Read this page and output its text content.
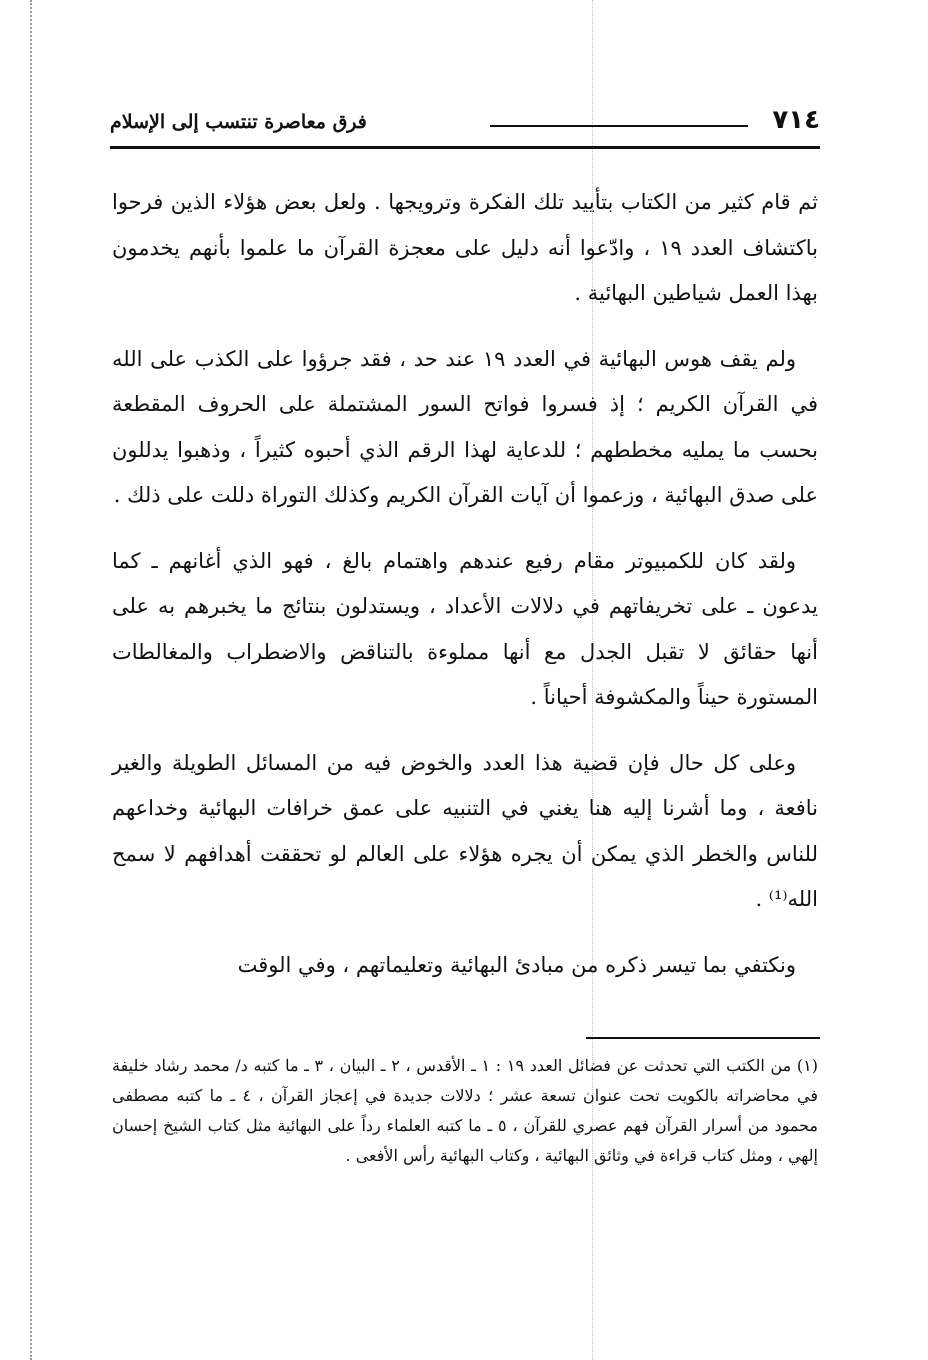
٧١٤
فرق معاصرة تنتسب إلى الإسلام

ثم قام كثير من الكتاب بتأييد تلك الفكرة وترويجها . ولعل بعض هؤلاء الذين فرحوا باكتشاف العدد ١٩ ، وادّعوا أنه دليل على معجزة القرآن ما علموا بأنهم يخدمون بهذا العمل شياطين البهائية .

ولم يقف هوس البهائية في العدد ١٩ عند حد ، فقد جرؤوا على الكذب على الله في القرآن الكريم ؛ إذ فسروا فواتح السور المشتملة على الحروف المقطعة بحسب ما يمليه مخططهم ؛ للدعاية لهذا الرقم الذي أحبوه كثيراً ، وذهبوا يدللون على صدق البهائية ، وزعموا أن آيات القرآن الكريم وكذلك التوراة دللت على ذلك .

ولقد كان للكمبيوتر مقام رفيع عندهم واهتمام بالغ ، فهو الذي أغانهم ـ كما يدعون ـ على تخريفاتهم في دلالات الأعداد ، ويستدلون بنتائج ما يخبرهم به على أنها حقائق لا تقبل الجدل مع أنها مملوءة بالتناقض والاضطراب والمغالطات المستورة حيناً والمكشوفة أحياناً .

وعلى كل حال فإن قضية هذا العدد والخوض فيه من المسائل الطويلة والغير نافعة ، وما أشرنا إليه هنا يغني في التنبيه على عمق خرافات البهائية وخداعهم للناس والخطر الذي يمكن أن يجره هؤلاء على العالم لو تحققت أهدافهم لا سمح الله⁽¹⁾ .

ونكتفي بما تيسر ذكره من مبادئ البهائية وتعليماتهم ، وفي الوقت

(١) من الكتب التي تحدثت عن فضائل العدد ١٩ : ١ ـ الأقدس ، ٢ ـ البيان ، ٣ ـ ما كتبه د/ محمد رشاد خليفة في محاضراته بالكويت تحت عنوان تسعة عشر ؛ دلالات جديدة في إعجاز القرآن ، ٤ ـ ما كتبه مصطفى محمود من أسرار القرآن فهم عصري للقرآن ، ٥ ـ ما كتبه العلماء رداً على البهائية مثل كتاب الشيخ إحسان إلهي ، ومثل كتاب قراءة في وثائق البهائية ، وكتاب البهائية رأس الأفعى .
